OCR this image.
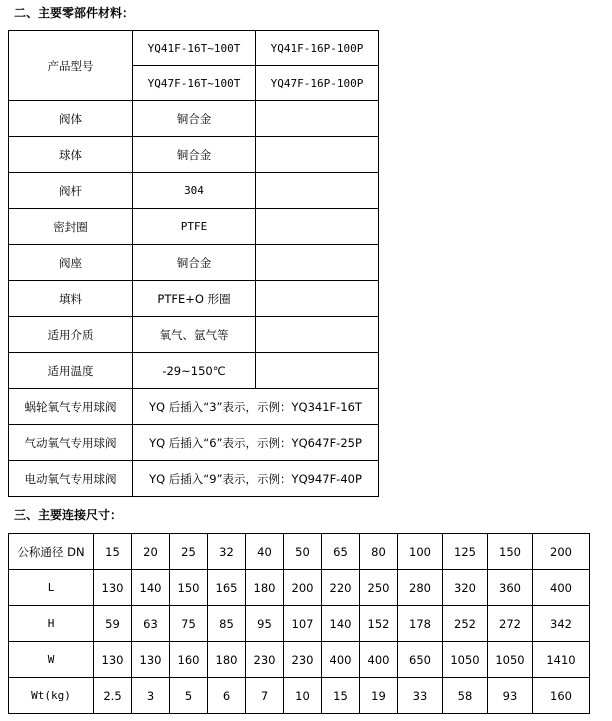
二、主要零部件材料：
产品型号	YQ41F-16T~100T	YQ41F-16P-100P
	YQ47F-16T~100T	YQ47F-16P-100P
阀体	铜合金	
球体	铜合金	
阀杆	304	
密封圈	PTFE	
阀座	铜合金	
填料	PTFE+O 形圈	
适用介质	氧气、氩气等	
适用温度	-29~150℃	
蜗轮氧气专用球阀	YQ 后插入“3”表示，示例：YQ341F-16T	
气动氧气专用球阀	YQ 后插入“6”表示，示例：YQ647F-25P	
电动氧气专用球阀	YQ 后插入“9”表示，示例：YQ947F-40P	
三、主要连接尺寸：
公称通径 DN	15	20	25	32	40	50	65	80	100	125	150	200
L	130	140	150	165	180	200	220	250	280	320	360	400
H	59	63	75	85	95	107	140	152	178	252	272	342
W	130	130	160	180	230	230	400	400	650	1050	1050	1410
Wt(kg)	2.5	3	5	6	7	10	15	19	33	58	93	160
